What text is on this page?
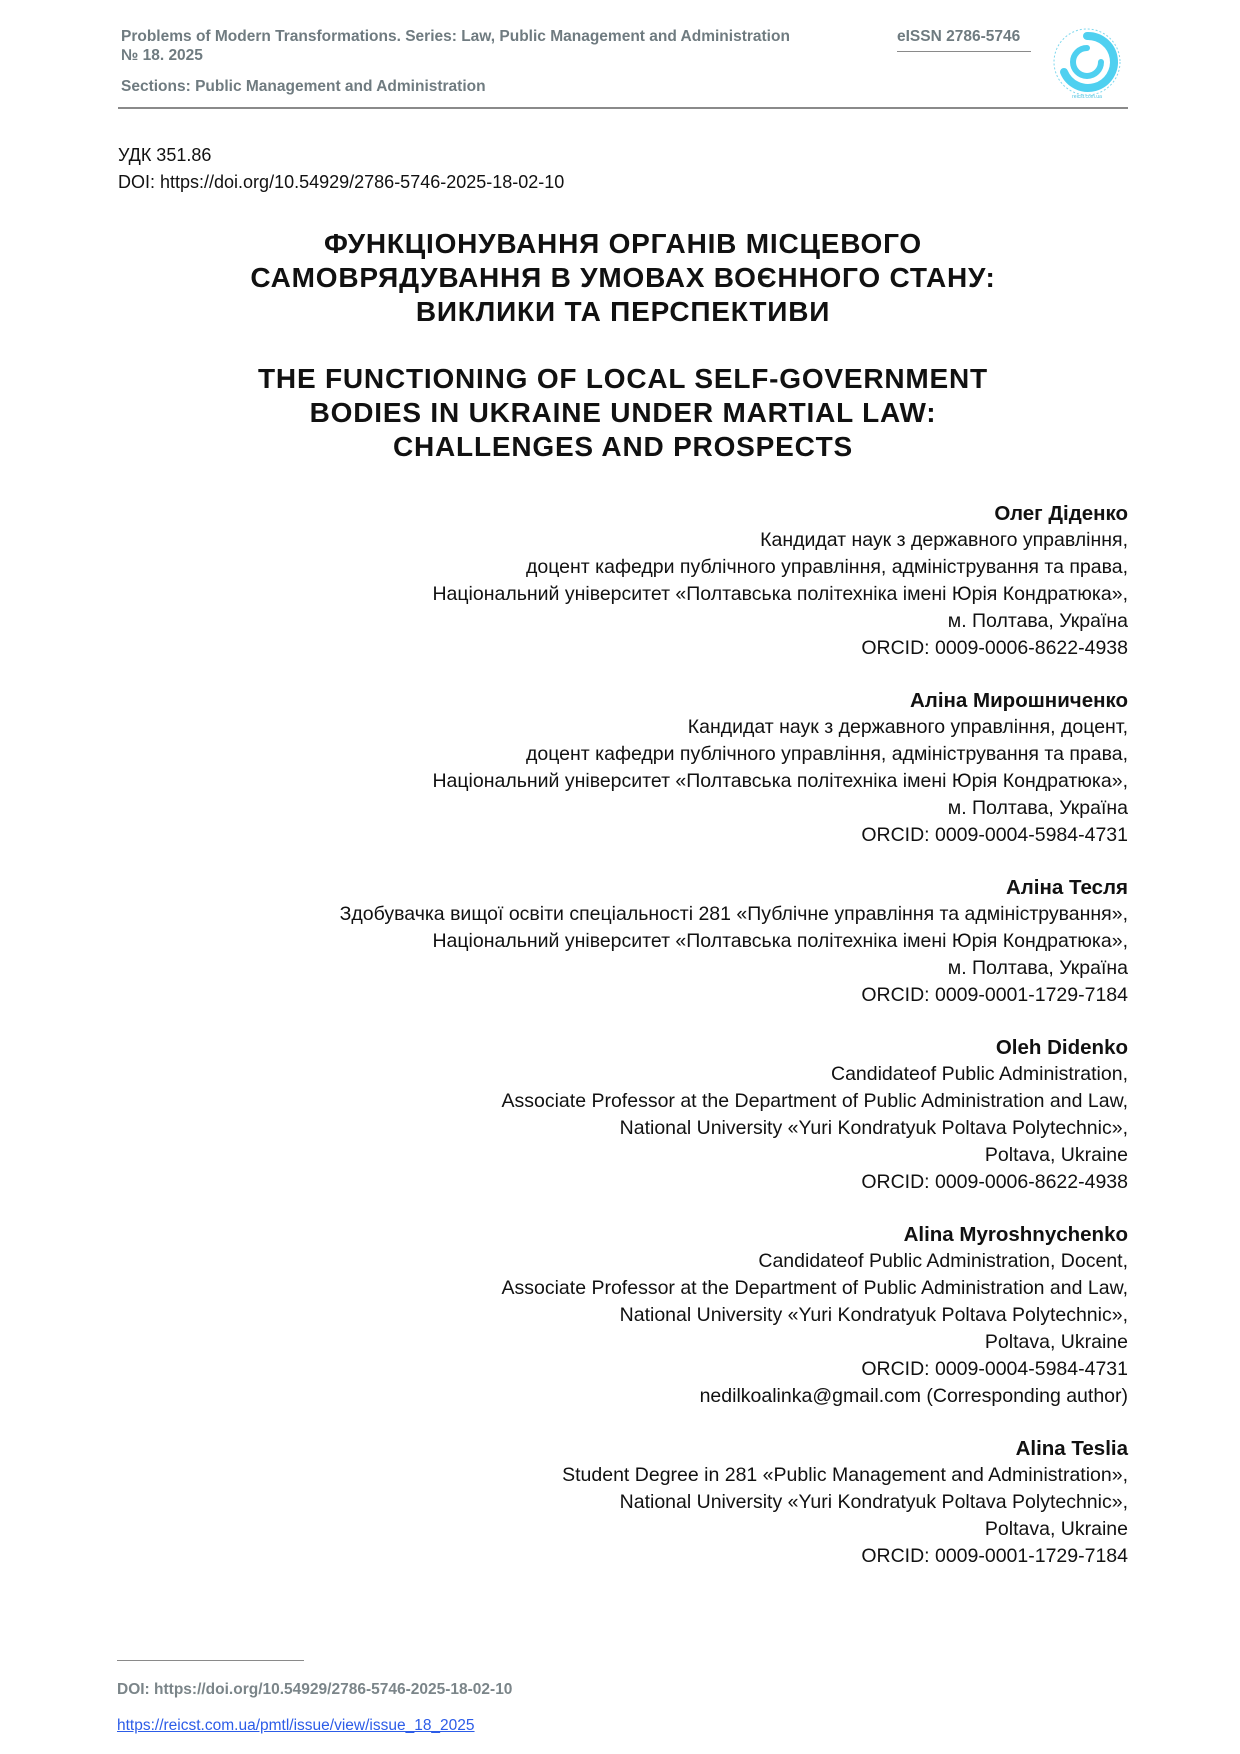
Problems of Modern Transformations. Series: Law, Public Management and Administration
№ 18. 2025
Sections: Public Management and Administration
eISSN 2786-5746
reicst.com.ua
УДК 351.86
DOI: https://doi.org/10.54929/2786-5746-2025-18-02-10
ФУНКЦІОНУВАННЯ ОРГАНІВ МІСЦЕВОГО
САМОВРЯДУВАННЯ В УМОВАХ ВОЄННОГО СТАНУ:
ВИКЛИКИ ТА ПЕРСПЕКТИВИ
THE FUNCTIONING OF LOCAL SELF-GOVERNMENT
BODIES IN UKRAINE UNDER MARTIAL LAW:
CHALLENGES AND PROSPECTS
Олег Діденко
Кандидат наук з державного управління,
доцент кафедри публічного управління, адміністрування та права,
Національний університет «Полтавська політехніка імені Юрія Кондратюка»,
м. Полтава, Україна
ORCID: 0009-0006-8622-4938
Аліна Мирошниченко
Кандидат наук з державного управління, доцент,
доцент кафедри публічного управління, адміністрування та права,
Національний університет «Полтавська політехніка імені Юрія Кондратюка»,
м. Полтава, Україна
ORCID: 0009-0004-5984-4731
Аліна Тесля
Здобувачка вищої освіти спеціальності 281 «Публічне управління та адміністрування»,
Національний університет «Полтавська політехніка імені Юрія Кондратюка»,
м. Полтава, Україна
ORCID: 0009-0001-1729-7184
Oleh Didenko
Candidateof Public Administration,
Associate Professor at the Department of Public Administration and Law,
National University «Yuri Kondratyuk Poltava Polytechnic»,
Poltava, Ukraine
ORCID: 0009-0006-8622-4938
Alina Myroshnychenko
Candidateof Public Administration, Docent,
Associate Professor at the Department of Public Administration and Law,
National University «Yuri Kondratyuk Poltava Polytechnic»,
Poltava, Ukraine
ORCID: 0009-0004-5984-4731
nedilkoalinka@gmail.com (Corresponding author)
Alina Teslia
Student Degree in 281 «Public Management and Administration»,
National University «Yuri Kondratyuk Poltava Polytechnic»,
Poltava, Ukraine
ORCID: 0009-0001-1729-7184
DOI: https://doi.org/10.54929/2786-5746-2025-18-02-10
https://reicst.com.ua/pmtl/issue/view/issue_18_2025
